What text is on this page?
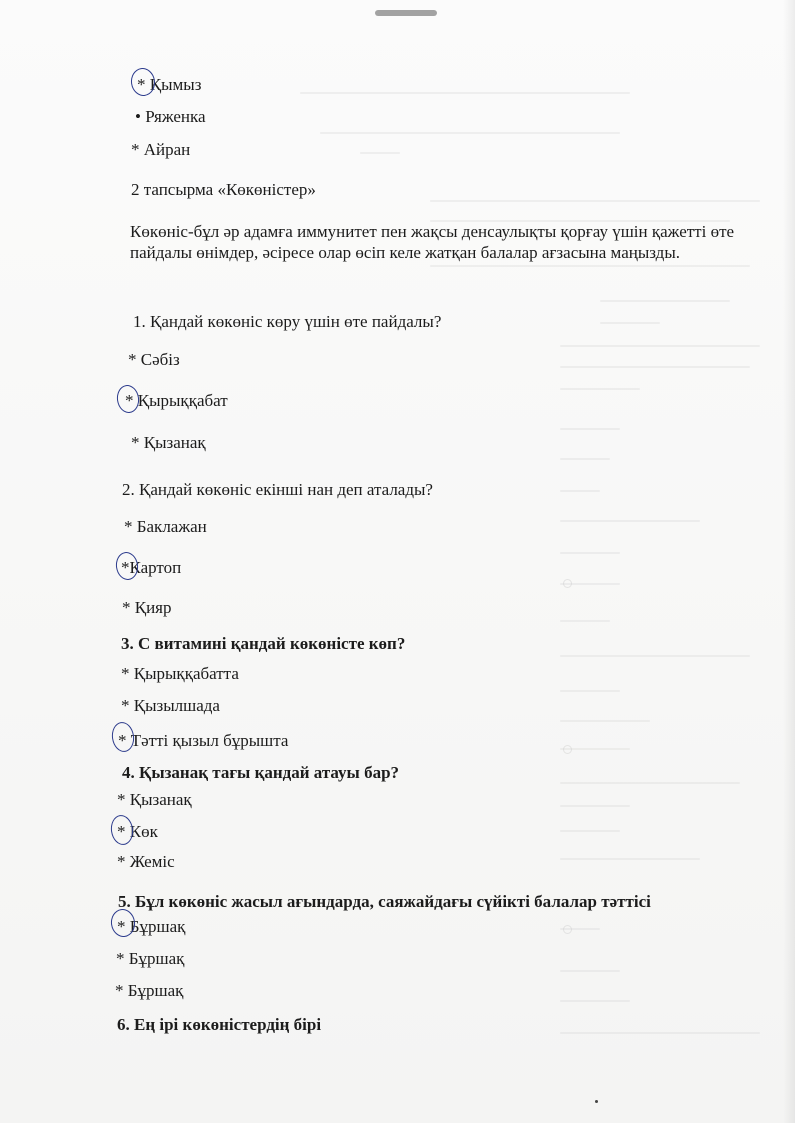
* Қымыз
• Ряженка
* Айран
2 тапсырма «Көкөністер»
Көкөніс-бұл әр адамға иммунитет пен жақсы денсаулықты қорғау үшін қажетті өте пайдалы өнімдер, әсіресе олар өсіп келе жатқан балалар ағзасына маңызды.
1. Қандай көкөніс көру үшін өте пайдалы?
* Сәбіз
* Қырыққабат
* Қызанақ
2. Қандай көкөніс екінші нан деп аталады?
* Баклажан
*Картоп
* Қияр
3. С витамині қандай көкөністе көп?
* Қырыққабатта
* Қызылшада
* Тәтті қызыл бұрышта
4. Қызанақ тағы қандай атауы бар?
* Қызанақ
* Көк
* Жеміс
5. Бұл көкөніс жасыл ағындарда, саяжайдағы сүйікті балалар тәттісі
* Бұршақ
* Бұршақ
* Бұршақ
6. Ең ірі көкөністердің бірі
